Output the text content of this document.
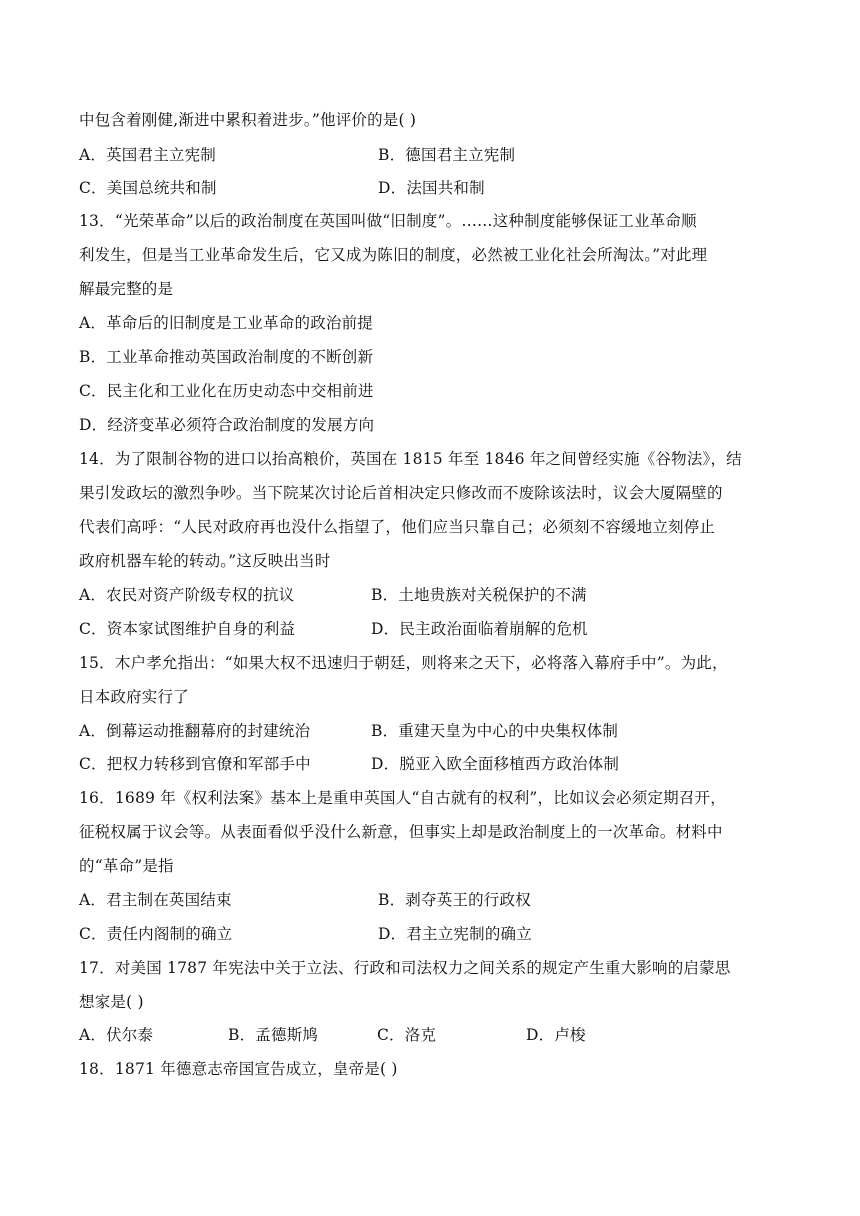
中包含着刚健,渐进中累积着进步。”他评价的是( )
A．英国君主立宪制	B．德国君主立宪制
C．美国总统共和制	D．法国共和制
13．“光荣革命”以后的政治制度在英国叫做“旧制度”。……这种制度能够保证工业革命顺
利发生，但是当工业革命发生后，它又成为陈旧的制度，必然被工业化社会所淘汰。”对此理
解最完整的是
A．革命后的旧制度是工业革命的政治前提
B．工业革命推动英国政治制度的不断创新
C．民主化和工业化在历史动态中交相前进
D．经济变革必须符合政治制度的发展方向
14．为了限制谷物的进口以抬高粮价，英国在 1815 年至 1846 年之间曾经实施《谷物法》，结
果引发政坛的激烈争吵。当下院某次讨论后首相决定只修改而不废除该法时，议会大厦隔壁的
代表们高呼：“人民对政府再也没什么指望了，他们应当只靠自己；必须刻不容缓地立刻停止
政府机器车轮的转动。”这反映出当时
A．农民对资产阶级专权的抗议	B．土地贵族对关税保护的不满
C．资本家试图维护自身的利益	D．民主政治面临着崩解的危机
15．木户孝允指出：“如果大权不迅速归于朝廷，则将来之天下，必将落入幕府手中”。为此，
日本政府实行了
A．倒幕运动推翻幕府的封建统治	B．重建天皇为中心的中央集权体制
C．把权力转移到官僚和军部手中	D．脱亚入欧全面移植西方政治体制
16．1689 年《权利法案》基本上是重申英国人“自古就有的权利”，比如议会必须定期召开，
征税权属于议会等。从表面看似乎没什么新意，但事实上却是政治制度上的一次革命。材料中
的“革命”是指
A．君主制在英国结束	B．剥夺英王的行政权
C．责任内阁制的确立	D．君主立宪制的确立
17．对美国 1787 年宪法中关于立法、行政和司法权力之间关系的规定产生重大影响的启蒙思
想家是( )
A．伏尔泰	B．孟德斯鸠	C．洛克	D．卢梭
18．1871 年德意志帝国宣告成立，皇帝是( )
